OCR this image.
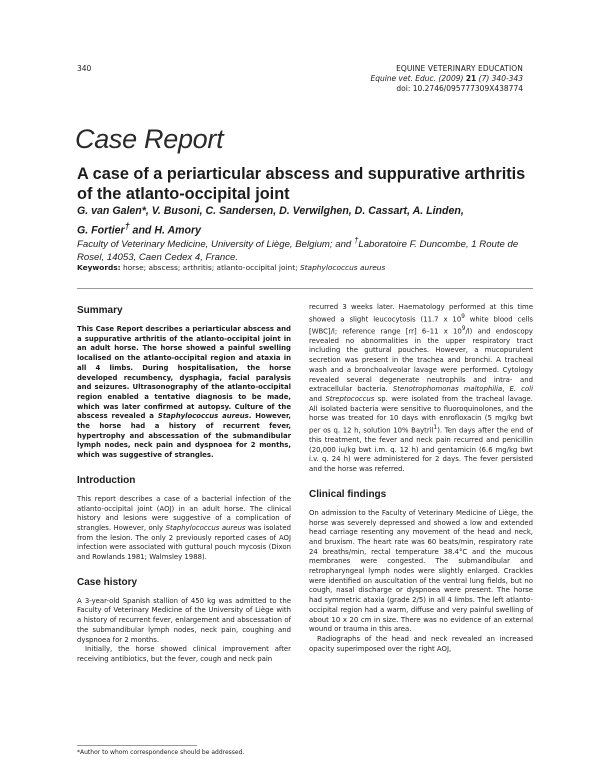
340	EQUINE VETERINARY EDUCATION
Equine vet. Educ. (2009) 21 (7) 340-343
doi: 10.2746/095777309X438774
Case Report
A case of a periarticular abscess and suppurative arthritis of the atlanto-occipital joint
G. van Galen*, V. Busoni, C. Sandersen, D. Verwilghen, D. Cassart, A. Linden,
G. Fortier† and H. Amory
Faculty of Veterinary Medicine, University of Liège, Belgium; and †Laboratoire F. Duncombe, 1 Route de Rosel, 14053, Caen Cedex 4, France.
Keywords: horse; abscess; arthritis; atlanto-occipital joint; Staphylococcus aureus
Summary
This Case Report describes a periarticular abscess and a suppurative arthritis of the atlanto-occipital joint in an adult horse. The horse showed a painful swelling localised on the atlanto-occipital region and ataxia in all 4 limbs. During hospitalisation, the horse developed recumbency, dysphagia, facial paralysis and seizures. Ultrasonography of the atlanto-occipital region enabled a tentative diagnosis to be made, which was later confirmed at autopsy. Culture of the abscess revealed a Staphylococcus aureus. However, the horse had a history of recurrent fever, hypertrophy and abscessation of the submandibular lymph nodes, neck pain and dyspnoea for 2 months, which was suggestive of strangles.
Introduction
This report describes a case of a bacterial infection of the atlanto-occipital joint (AOJ) in an adult horse. The clinical history and lesions were suggestive of a complication of strangles. However, only Staphylococcus aureus was isolated from the lesion. The only 2 previously reported cases of AOJ infection were associated with guttural pouch mycosis (Dixon and Rowlands 1981; Walmsley 1988).
Case history

A 3-year-old Spanish stallion of 450 kg was admitted to the Faculty of Veterinary Medicine of the University of Liège with a history of recurrent fever, enlargement and abscessation of the submandibular lymph nodes, neck pain, coughing and dyspnoea for 2 months.

Initially, the horse showed clinical improvement after receiving antibiotics, but the fever, cough and neck pain

recurred 3 weeks later. Haematology performed at this time showed a slight leucocytosis (11.7 x $10^9$ white blood cells [WBC]/l; reference range [rr] 6–11 x $10^9/l$) and endoscopy revealed no abnormalities in the upper respiratory tract including the guttural pouches. However, a mucopurulent secretion was present in the trachea and bronchi. A tracheal wash and a bronchoalveolar lavage were performed. Cytology revealed several degenerate neutrophils and intra- and extracellular bacteria. Stenotrophomonas maltophilia, E. coli and Streptococcus sp. were isolated from the tracheal lavage. All isolated bacteria were sensitive to fluoroquinolones, and the horse was treated for 10 days with enrofloxacin (5 mg/kg bwt per os q. 12 h, solution 10% Baytril$^1$). Ten days after the end of this treatment, the fever and neck pain recurred and penicillin (20,000 iu/kg bwt i.m. q. 12 h) and gentamicin (6.6 mg/kg bwt i.v. q. 24 h) were administered for 2 days. The fever persisted and the horse was referred.
Clinical findings

On admission to the Faculty of Veterinary Medicine of Liège, the horse was severely depressed and showed a low and extended head carriage resenting any movement of the head and neck, and bruxism. The heart rate was 60 beats/min, respiratory rate 24 breaths/min, rectal temperature 38.4°C and the mucous membranes were congested. The submandibular and retropharyngeal lymph nodes were slightly enlarged. Crackles were identified on auscultation of the ventral lung fields, but no cough, nasal discharge or dyspnoea were present. The horse had symmetric ataxia (grade 2/5) in all 4 limbs. The left atlanto-occipital region had a warm, diffuse and very painful swelling of about 10 x 20 cm in size. There was no evidence of an external wound or trauma in this area.

Radiographs of the head and neck revealed an increased opacity superimposed over the right AOJ,

*Author to whom correspondence should be addressed.
